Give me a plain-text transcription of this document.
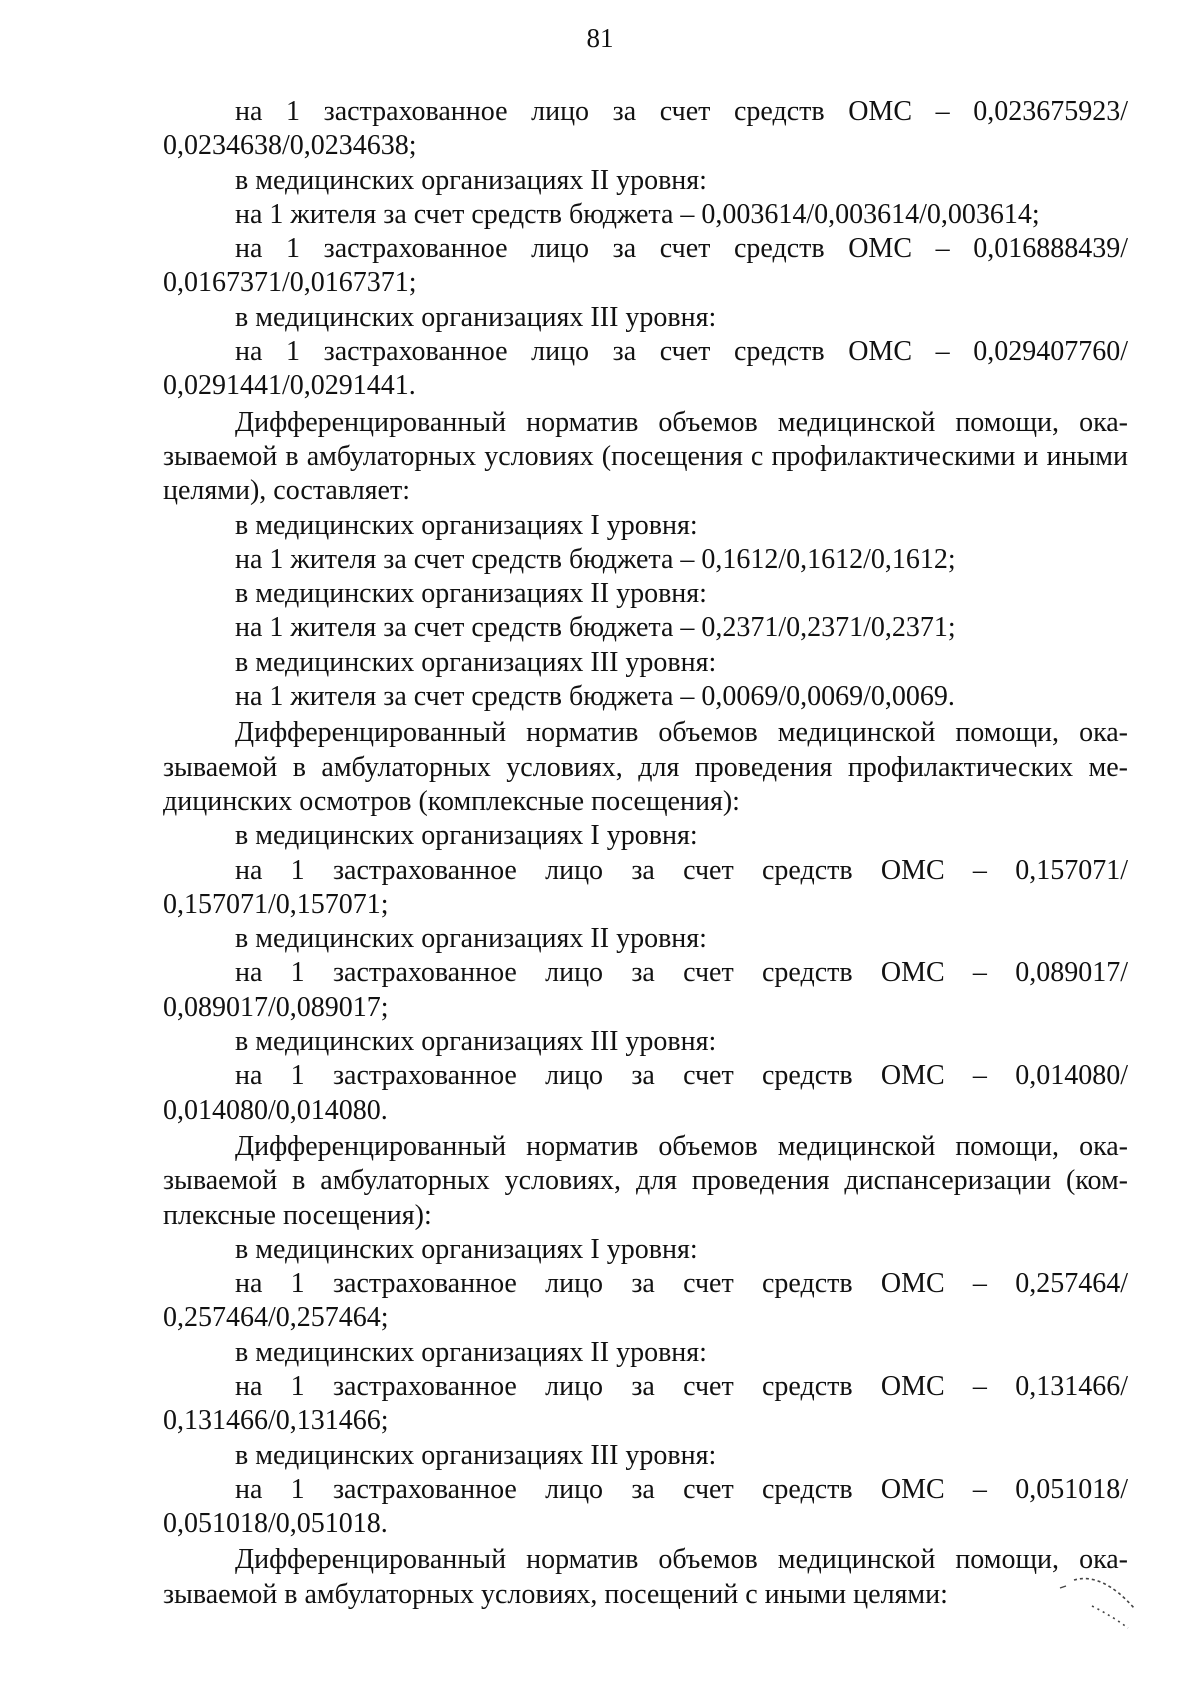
81

на 1 застрахованное лицо за счет средств ОМС – 0,023675923/ 0,0234638/0,0234638;

в медицинских организациях II уровня:

на 1 жителя за счет средств бюджета – 0,003614/0,003614/0,003614;

на 1 застрахованное лицо за счет средств ОМС – 0,016888439/ 0,0167371/0,0167371;

в медицинских организациях III уровня:

на 1 застрахованное лицо за счет средств ОМС – 0,029407760/ 0,0291441/0,0291441.

Дифференцированный норматив объемов медицинской помощи, оказываемой в амбулаторных условиях (посещения с профилактическими и иными целями), составляет:

в медицинских организациях I уровня:

на 1 жителя за счет средств бюджета – 0,1612/0,1612/0,1612;

в медицинских организациях II уровня:

на 1 жителя за счет средств бюджета – 0,2371/0,2371/0,2371;

в медицинских организациях III уровня:

на 1 жителя за счет средств бюджета – 0,0069/0,0069/0,0069.

Дифференцированный норматив объемов медицинской помощи, оказываемой в амбулаторных условиях, для проведения профилактических медицинских осмотров (комплексные посещения):

в медицинских организациях I уровня:

на 1 застрахованное лицо за счет средств ОМС – 0,157071/ 0,157071/0,157071;

в медицинских организациях II уровня:

на 1 застрахованное лицо за счет средств ОМС – 0,089017/ 0,089017/0,089017;

в медицинских организациях III уровня:

на 1 застрахованное лицо за счет средств ОМС – 0,014080/ 0,014080/0,014080.

Дифференцированный норматив объемов медицинской помощи, оказываемой в амбулаторных условиях, для проведения диспансеризации (комплексные посещения):

в медицинских организациях I уровня:

на 1 застрахованное лицо за счет средств ОМС – 0,257464/ 0,257464/0,257464;

в медицинских организациях II уровня:

на 1 застрахованное лицо за счет средств ОМС – 0,131466/ 0,131466/0,131466;

в медицинских организациях III уровня:

на 1 застрахованное лицо за счет средств ОМС – 0,051018/ 0,051018/0,051018.

Дифференцированный норматив объемов медицинской помощи, оказываемой в амбулаторных условиях, посещений с иными целями:
